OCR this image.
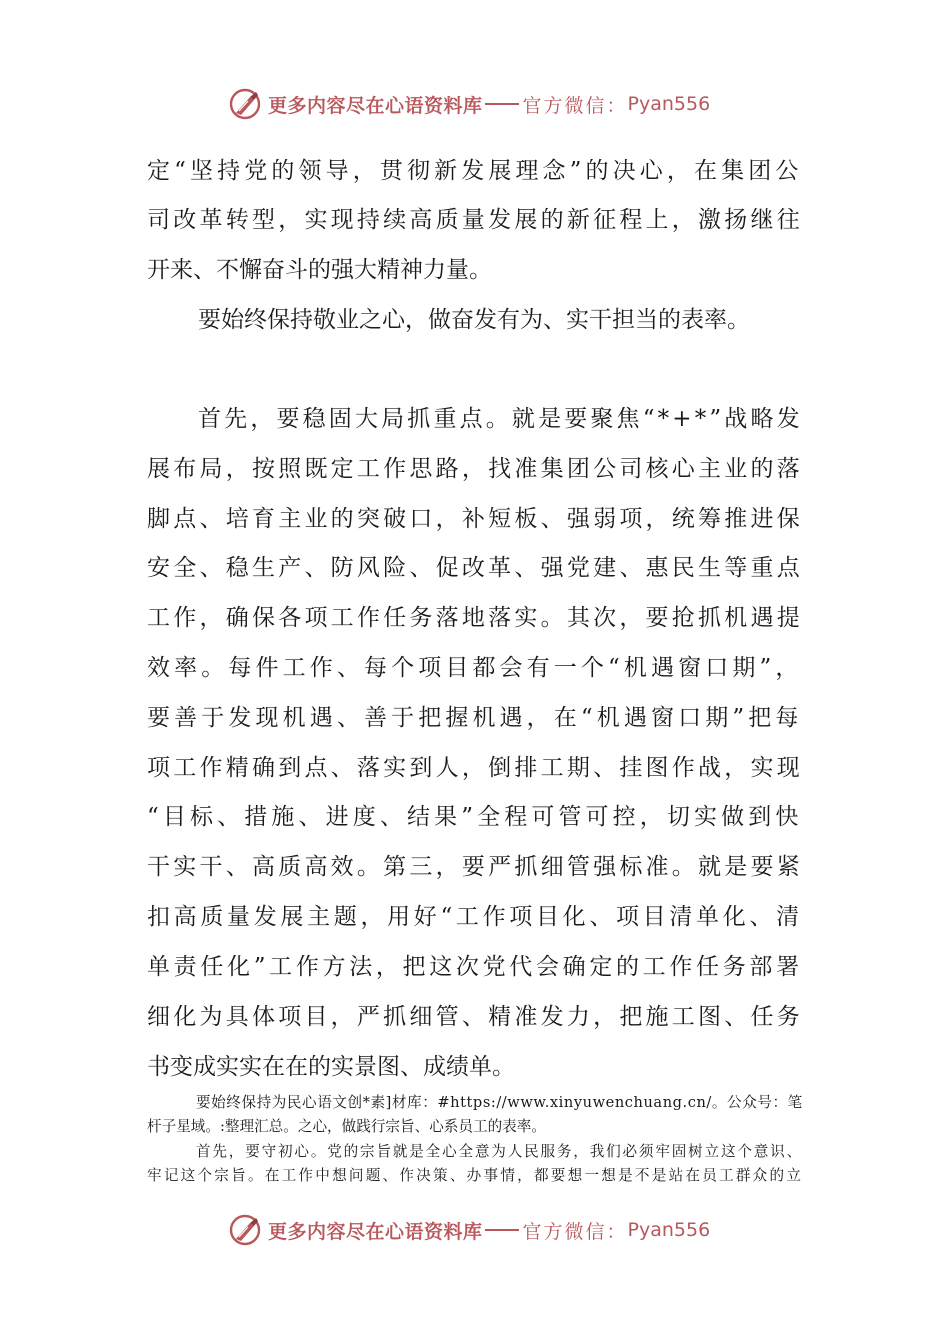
更多内容尽在心语资料库 官方微信： Pyan556
定“坚持党的领导，贯彻新发展理念”的决心，在集团公
司改革转型，实现持续高质量发展的新征程上，激扬继往
开来、不懈奋斗的强大精神力量。
要始终保持敬业之心，做奋发有为、实干担当的表率。
首先，要稳固大局抓重点。就是要聚焦“*+*”战略发
展布局，按照既定工作思路，找准集团公司核心主业的落
脚点、培育主业的突破口，补短板、强弱项，统筹推进保
安全、稳生产、防风险、促改革、强党建、惠民生等重点
工作，确保各项工作任务落地落实。其次，要抢抓机遇提
效率。每件工作、每个项目都会有一个“机遇窗口期”，
要善于发现机遇、善于把握机遇，在“机遇窗口期”把每
项工作精确到点、落实到人，倒排工期、挂图作战，实现
“目标、措施、进度、结果”全程可管可控，切实做到快
干实干、高质高效。第三，要严抓细管强标准。就是要紧
扣高质量发展主题，用好“工作项目化、项目清单化、清
单责任化”工作方法，把这次党代会确定的工作任务部署
细化为具体项目，严抓细管、精准发力，把施工图、任务
书变成实实在在的实景图、成绩单。
要始终保持为民心语文创*素]材库：#https://www.xinyuwenchuang.cn/。公众号：笔
杆子星域。:整理汇总。之心，做践行宗旨、心系员工的表率。
首先，要守初心。党的宗旨就是全心全意为人民服务，我们必须牢固树立这个意识、
牢记这个宗旨。在工作中想问题、作决策、办事情，都要想一想是不是站在员工群众的立
更多内容尽在心语资料库 官方微信： Pyan556
